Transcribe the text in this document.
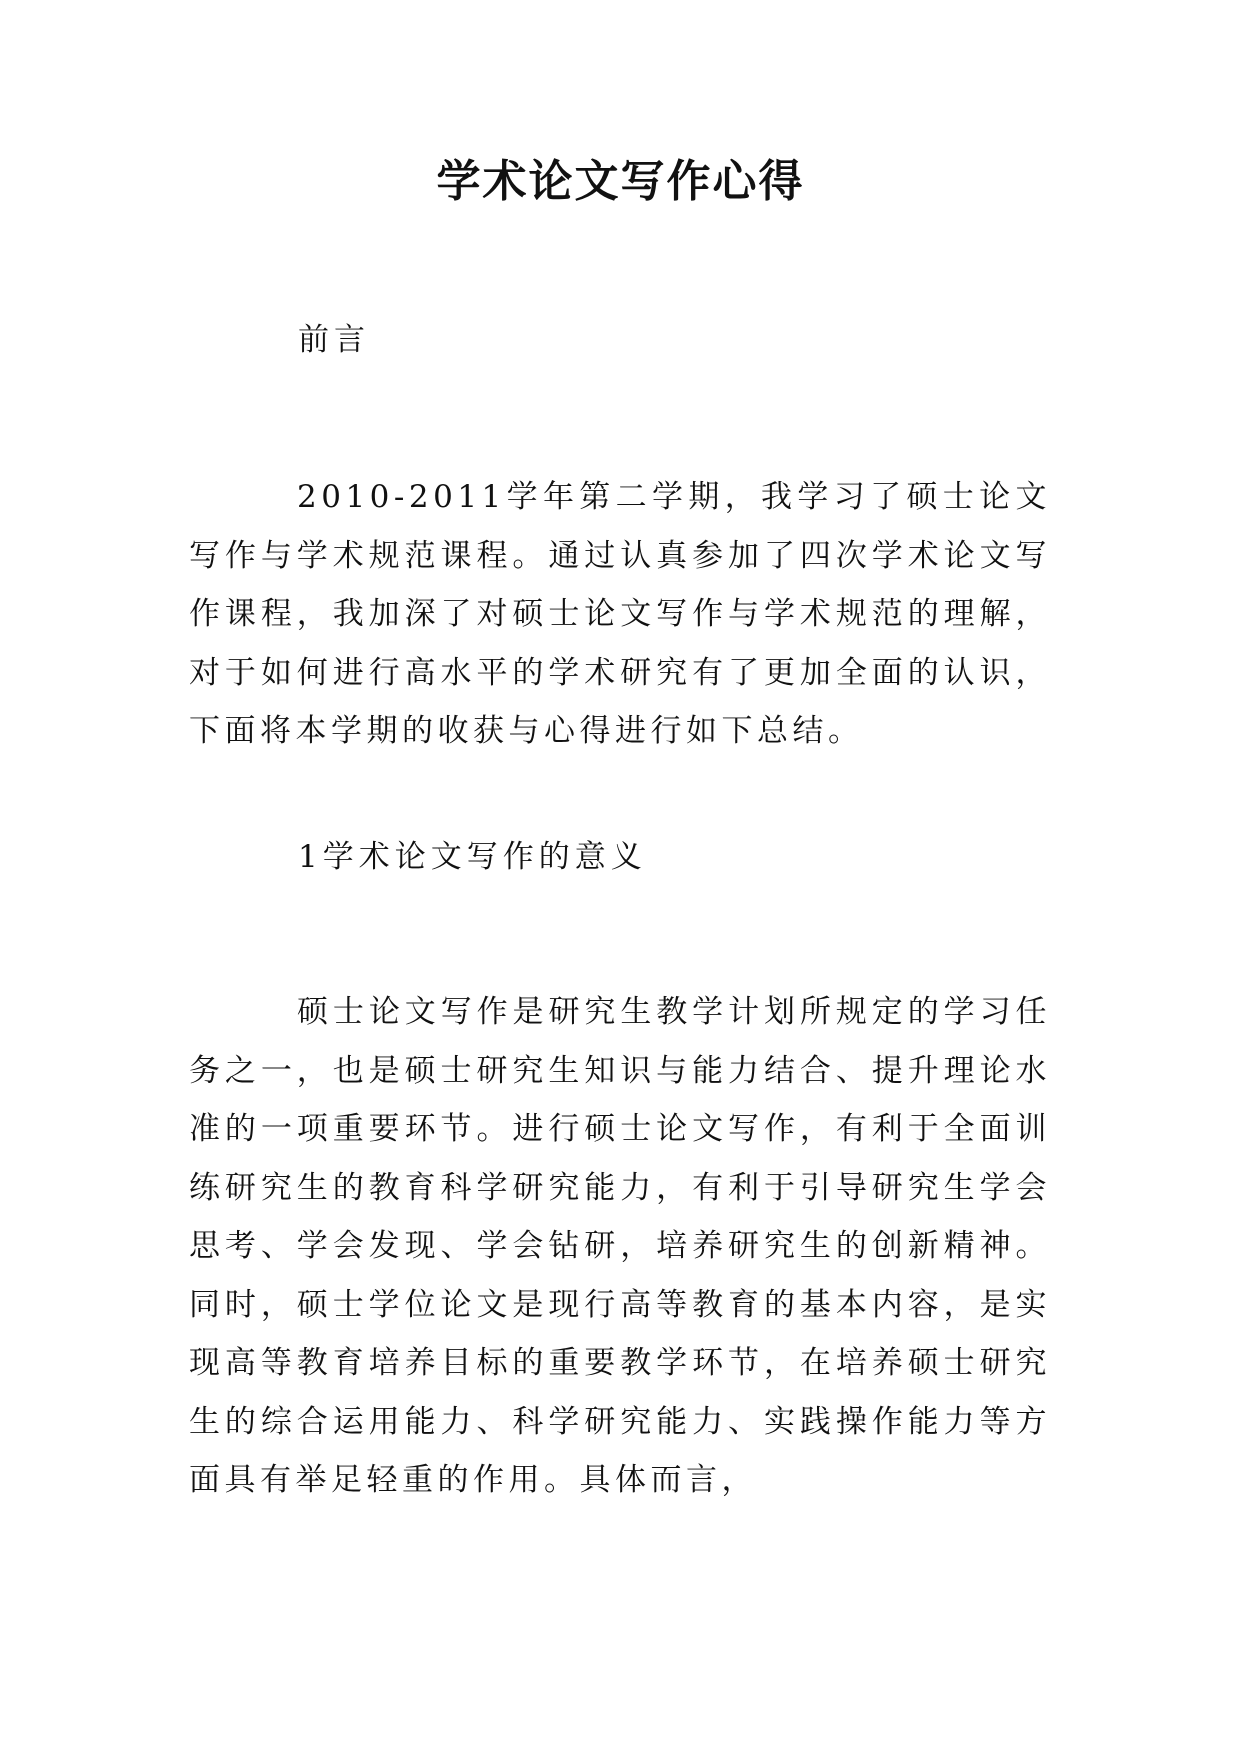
学术论文写作心得
前言

2010-2011学年第二学期，我学习了硕士论文写作与学术规范课程。通过认真参加了四次学术论文写作课程，我加深了对硕士论文写作与学术规范的理解，对于如何进行高水平的学术研究有了更加全面的认识，下面将本学期的收获与心得进行如下总结。

1学术论文写作的意义

硕士论文写作是研究生教学计划所规定的学习任务之一，也是硕士研究生知识与能力结合、提升理论水准的一项重要环节。进行硕士论文写作，有利于全面训练研究生的教育科学研究能力，有利于引导研究生学会思考、学会发现、学会钻研，培养研究生的创新精神。同时，硕士学位论文是现行高等教育的基本内容，是实现高等教育培养目标的重要教学环节，在培养硕士研究生的综合运用能力、科学研究能力、实践操作能力等方面具有举足轻重的作用。具体而言，
